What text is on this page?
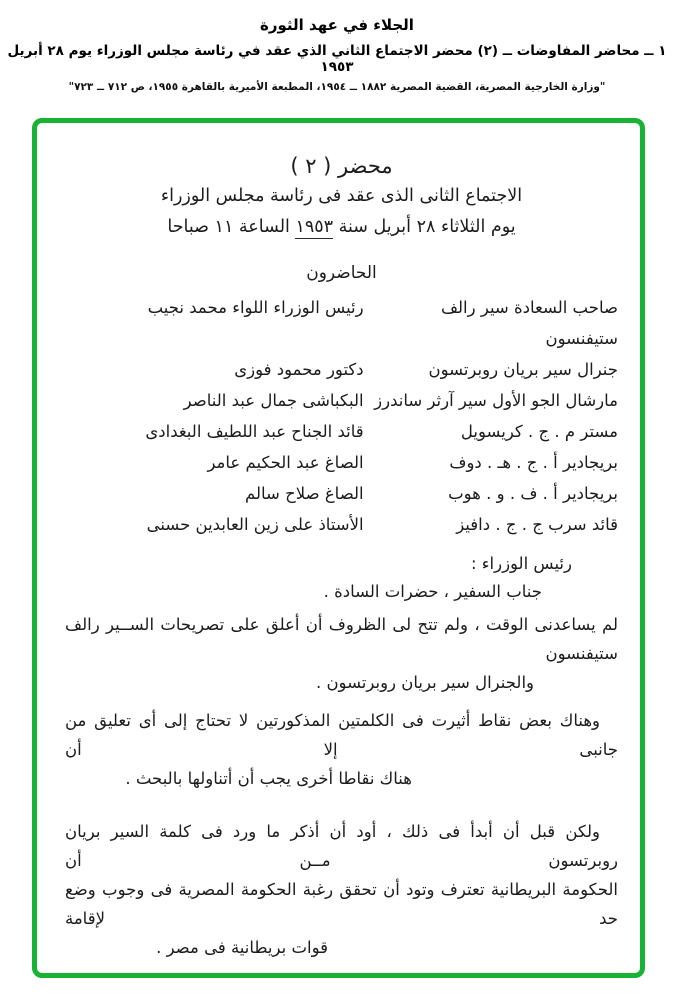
الجلاء في عهد الثورة
١ ــ محاضر المفاوضات ــ (٢) محضر الاجتماع الثاني الذي عقد في رئاسة مجلس الوزراء يوم ٢٨ أبريل ١٩٥٣
"وزارة الخارجية المصرية، القضية المصرية ١٨٨٢ ــ ١٩٥٤، المطبعة الأميرية بالقاهرة ١٩٥٥، ص ٧١٢ ــ ٧٢٣"
محضر ( ٢ )
الاجتماع الثانى الذى عقد فى رئاسة مجلس الوزراء
يوم الثلاثاء ٢٨ أبريل سنة ١٩٥٣ الساعة ١١ صباحا
الحاضرون
صاحب السعادة سير رالف ستيفنسون
رئيس الوزراء اللواء محمد نجيب
جنرال سير بريان روبرتسون
دكتور محمود فوزى
مارشال الجو الأول سير آرثر ساندرز
البكباشى جمال عبد الناصر
مستر م . ج . كريسويل
قائد الجناح عبد اللطيف البغدادى
بريجادير أ . ج . هـ . دوف
الصاغ عبد الحكيم عامر
بريجادير أ . ف . و . هوب
الصاغ صلاح سالم
قائد سرب ج . ج . دافيز
الأستاذ على زين العابدين حسنى
رئيس الوزراء :
جناب السفير ، حضرات السادة .
لم يساعدنى الوقت ، ولم تتح لى الظروف أن أعلق على تصريحات الســير رالف ستيفنسون
والجنرال سير بريان روبرتسون .
وهناك بعض نقاط أثيرت فى الكلمتين المذكورتين لا تحتاج إلى أى تعليق من جانبى إلا أن
هناك نقاطا أخرى يجب أن أتناولها بالبحث .
ولكن قبل أن أبدأ فى ذلك ، أود أن أذكر ما ورد فى كلمة السير بريان روبرتسون مــن أن
الحكومة البريطانية تعترف وتود أن تحقق رغبة الحكومة المصرية فى وجوب وضع حد لإقامة
قوات بريطانية فى مصر .
